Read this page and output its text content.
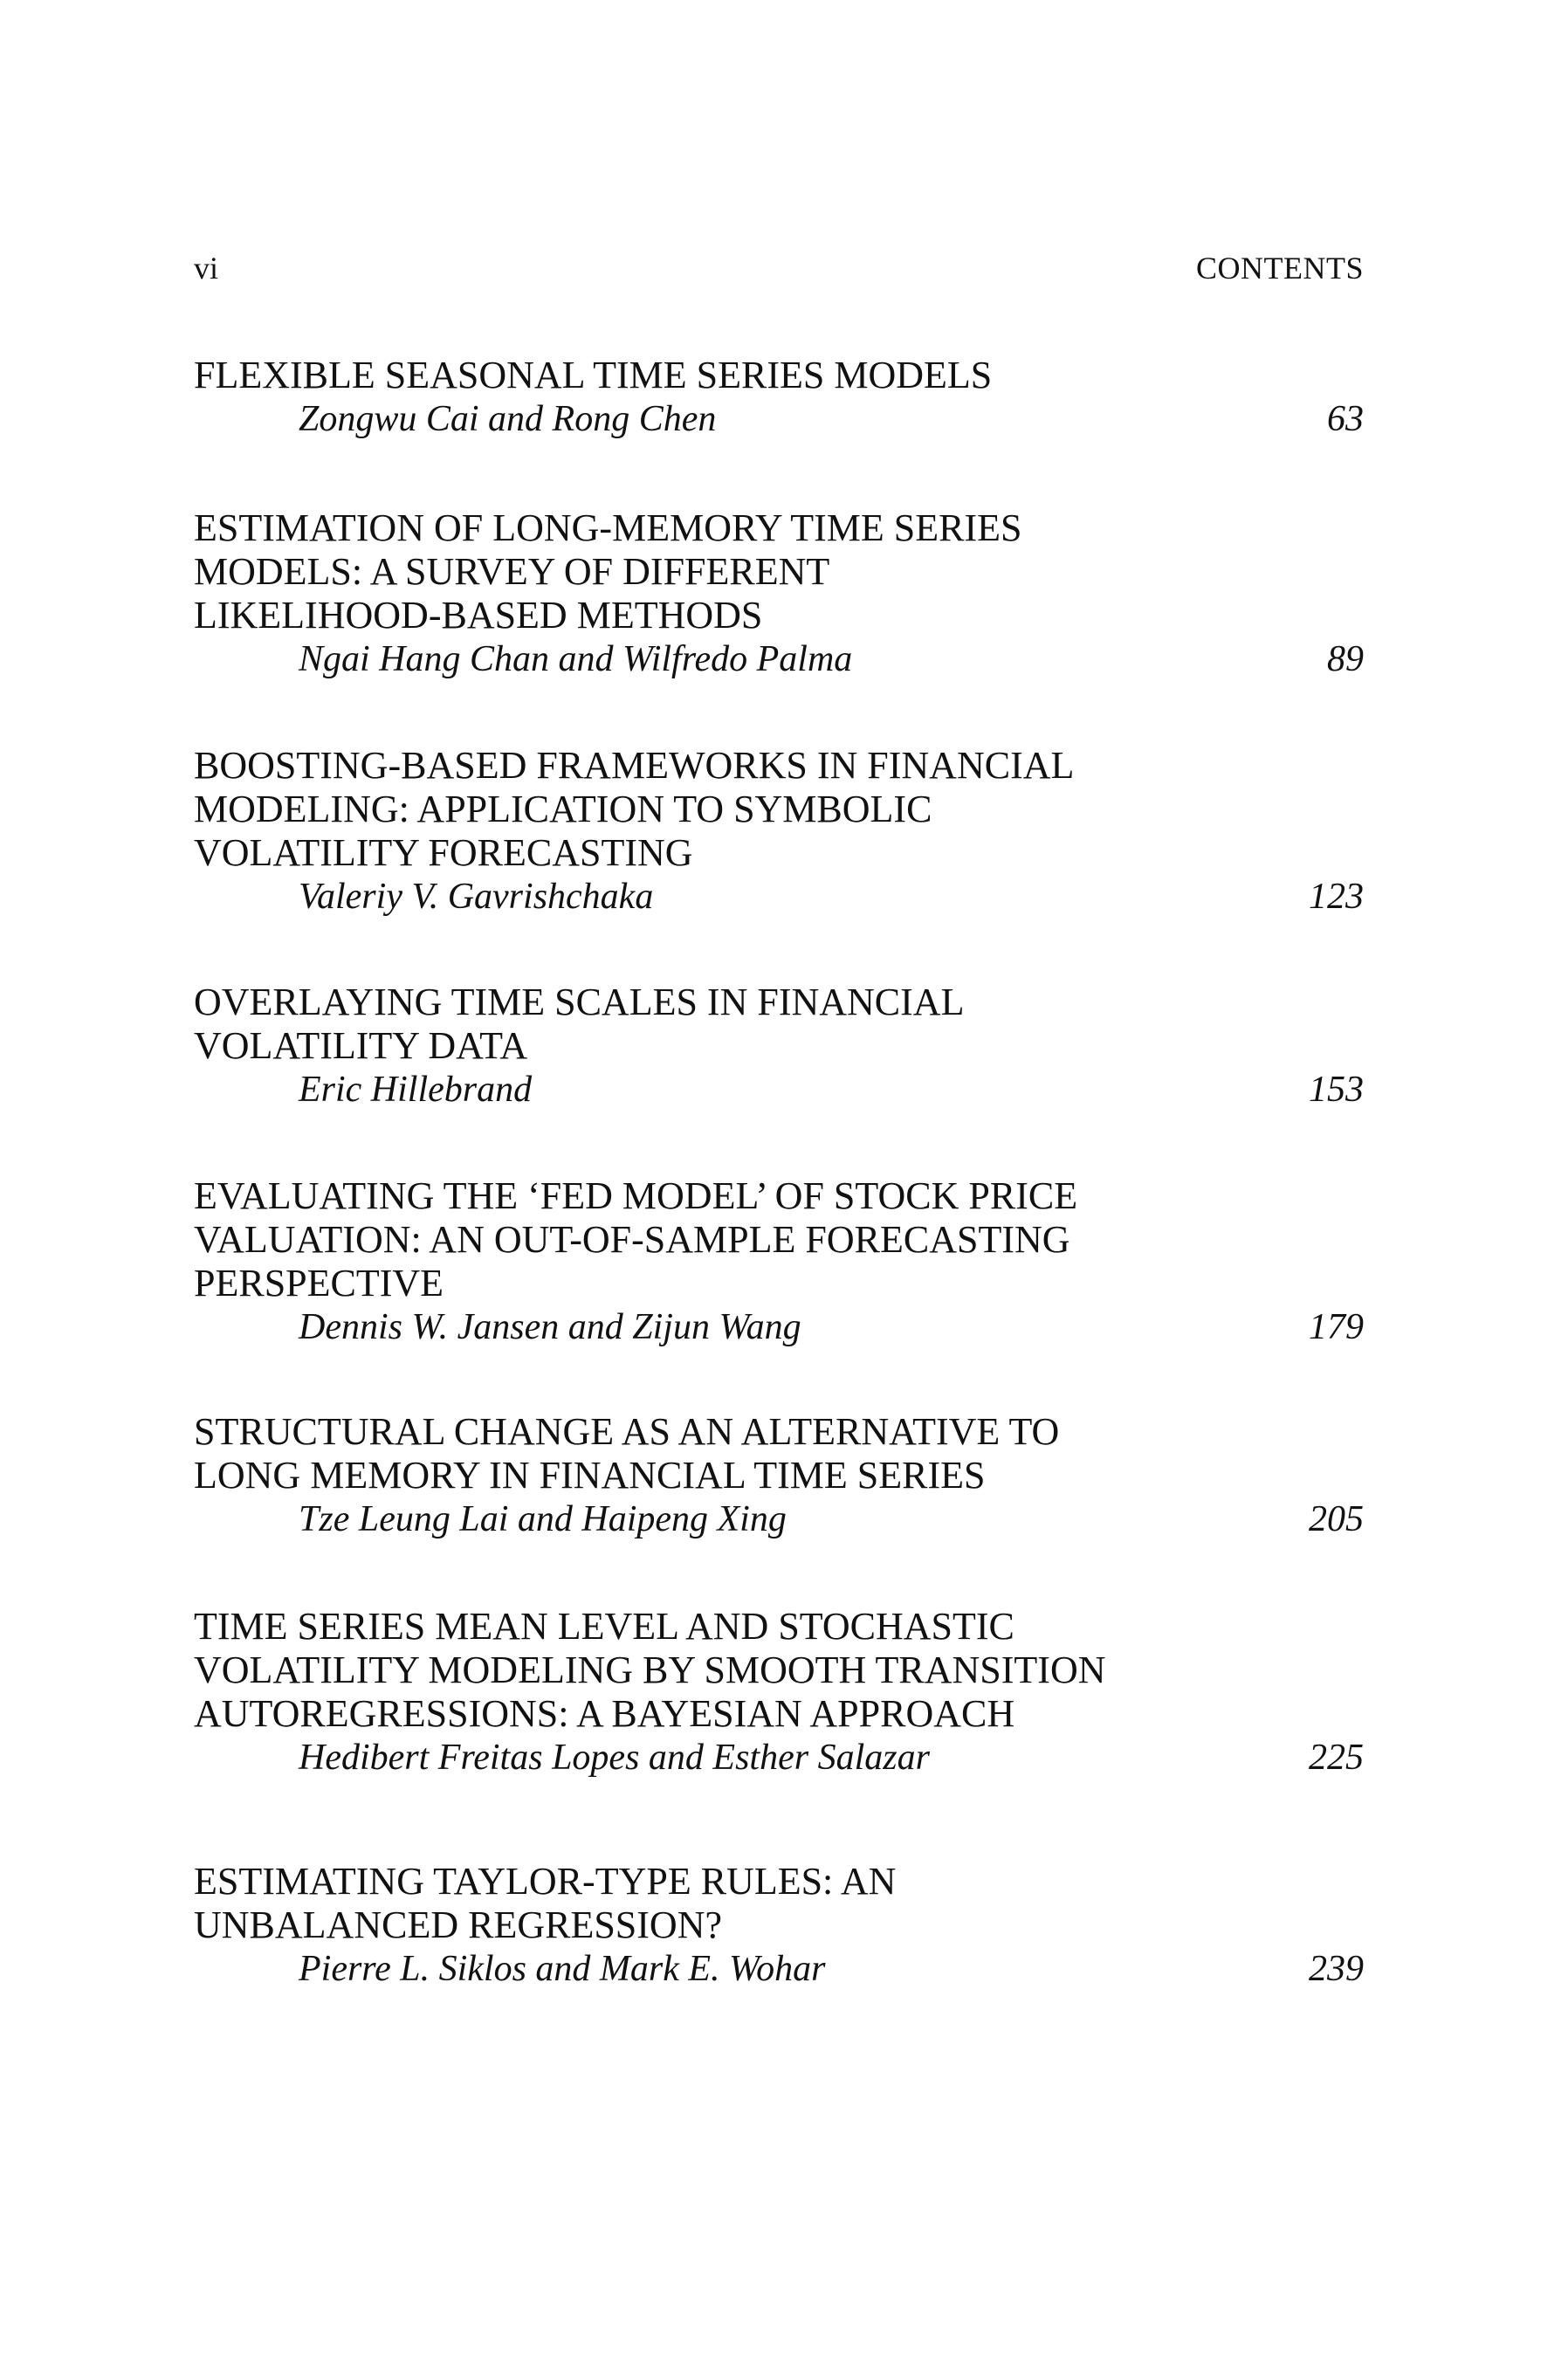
vi	CONTENTS
FLEXIBLE SEASONAL TIME SERIES MODELS
Zongwu Cai and Rong Chen	63
ESTIMATION OF LONG-MEMORY TIME SERIES
MODELS: A SURVEY OF DIFFERENT
LIKELIHOOD-BASED METHODS
Ngai Hang Chan and Wilfredo Palma	89
BOOSTING-BASED FRAMEWORKS IN FINANCIAL
MODELING: APPLICATION TO SYMBOLIC
VOLATILITY FORECASTING
Valeriy V. Gavrishchaka	123
OVERLAYING TIME SCALES IN FINANCIAL
VOLATILITY DATA
Eric Hillebrand	153
EVALUATING THE ‘FED MODEL’ OF STOCK PRICE
VALUATION: AN OUT-OF-SAMPLE FORECASTING
PERSPECTIVE
Dennis W. Jansen and Zijun Wang	179
STRUCTURAL CHANGE AS AN ALTERNATIVE TO
LONG MEMORY IN FINANCIAL TIME SERIES
Tze Leung Lai and Haipeng Xing	205
TIME SERIES MEAN LEVEL AND STOCHASTIC
VOLATILITY MODELING BY SMOOTH TRANSITION
AUTOREGRESSIONS: A BAYESIAN APPROACH
Hedibert Freitas Lopes and Esther Salazar	225
ESTIMATING TAYLOR-TYPE RULES: AN
UNBALANCED REGRESSION?
Pierre L. Siklos and Mark E. Wohar	239
